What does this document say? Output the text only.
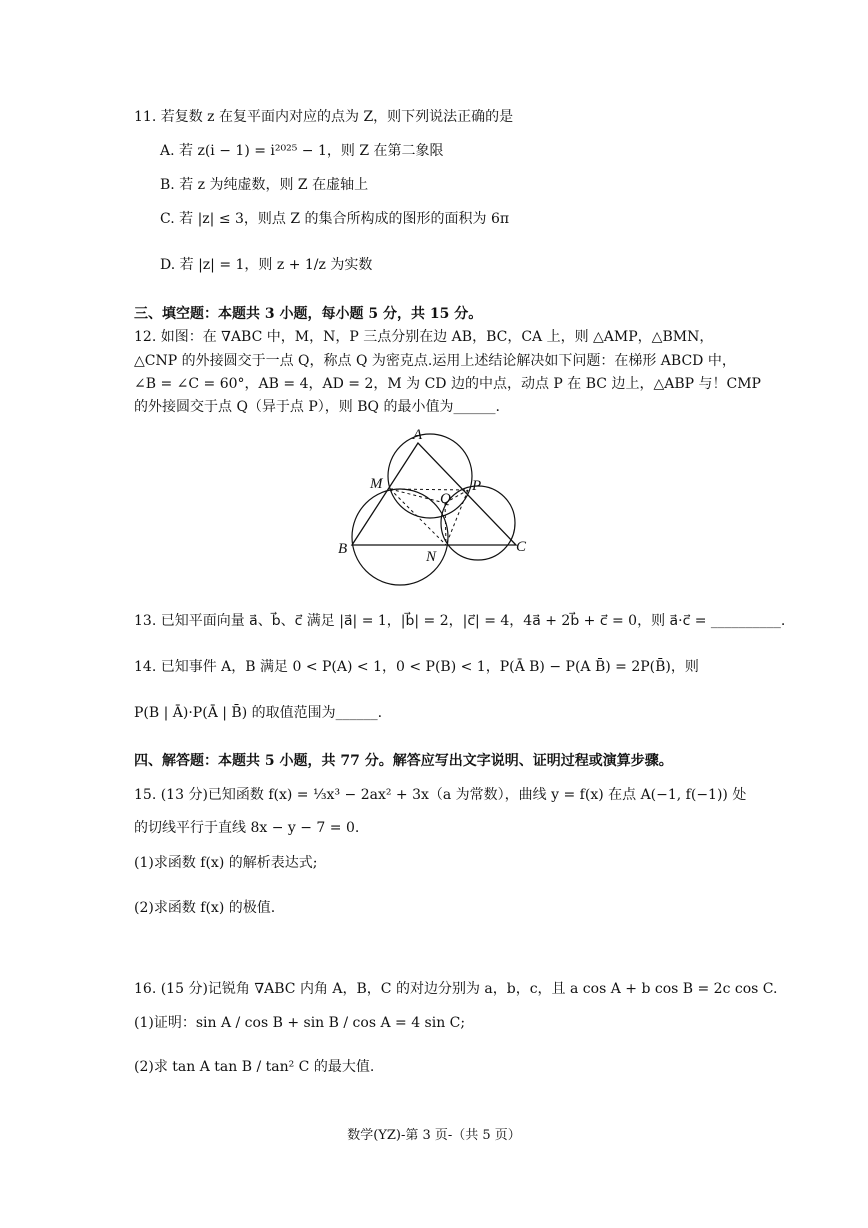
11. 若复数 z 在复平面内对应的点为 Z，则下列说法正确的是
A. 若 z(i − 1) = i²⁰²⁵ − 1，则 Z 在第二象限
B. 若 z 为纯虚数，则 Z 在虚轴上
C. 若 |z| ≤ 3，则点 Z 的集合所构成的图形的面积为 6π
D. 若 |z| = 1，则 z + 1/z 为实数
三、填空题：本题共 3 小题，每小题 5 分，共 15 分。
12. 如图：在 ∇ABC 中，M，N，P 三点分别在边 AB，BC，CA 上，则 △AMP，△BMN，
△CNP 的外接圆交于一点 Q，称点 Q 为密克点.运用上述结论解决如下问题：在梯形 ABCD 中，
∠B = ∠C = 60°，AB = 4，AD = 2，M 为 CD 边的中点，动点 P 在 BC 边上，△ABP 与！CMP
的外接圆交于点 Q（异于点 P），则 BQ 的最小值为______.
A
M
Q
P
B	N
C
13. 已知平面向量 a⃗、b⃗、c⃗ 满足 |a⃗| = 1，|b⃗| = 2，|c⃗| = 4，4a⃗ + 2b⃗ + c⃗ = 0，则 a⃗·c⃗ = __________.
14. 已知事件 A，B 满足 0 < P(A) < 1，0 < P(B) < 1，P(Ā B) − P(A B̄) = 2P(B̄)，则
P(B | Ā)·P(Ā | B̄) 的取值范围为______.
四、解答题：本题共 5 小题，共 77 分。解答应写出文字说明、证明过程或演算步骤。
15. (13 分)已知函数 f(x) = ⅓x³ − 2ax² + 3x（a 为常数），曲线 y = f(x) 在点 A(−1, f(−1)) 处
的切线平行于直线 8x − y − 7 = 0.
(1)求函数 f(x) 的解析表达式;
(2)求函数 f(x) 的极值.
16. (15 分)记锐角 ∇ABC 内角 A，B，C 的对边分别为 a，b，c，且 a cos A + b cos B = 2c cos C.
(1)证明：sin A / cos B + sin B / cos A = 4 sin C;
(2)求 tan A tan B / tan² C 的最大值.
数学(YZ)-第 3 页-（共 5 页）
